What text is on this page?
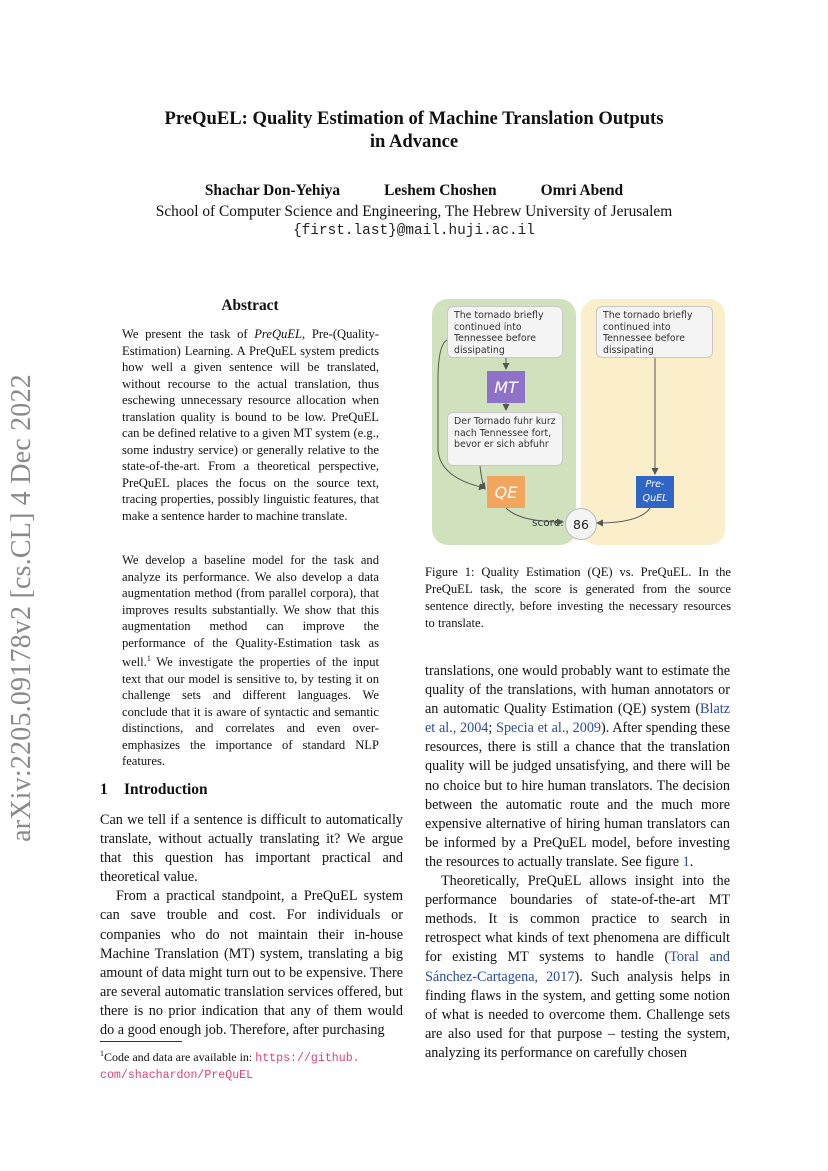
PreQuEL: Quality Estimation of Machine Translation Outputs
in Advance
Shachar Don-Yehiya	Leshem Choshen	Omri Abend
School of Computer Science and Engineering, The Hebrew University of Jerusalem
{first.last}@mail.huji.ac.il
arXiv:2205.09178v2 [cs.CL] 4 Dec 2022
Abstract
We present the task of PreQuEL, Pre-(Quality-Estimation) Learning. A PreQuEL system predicts how well a given sentence will be translated, without recourse to the actual translation, thus eschewing unnecessary resource allocation when translation quality is bound to be low. PreQuEL can be defined relative to a given MT system (e.g., some industry service) or generally relative to the state-of-the-art. From a theoretical perspective, PreQuEL places the focus on the source text, tracing properties, possibly linguistic features, that make a sentence harder to machine translate.
We develop a baseline model for the task and analyze its performance. We also develop a data augmentation method (from parallel corpora), that improves results substantially. We show that this augmentation method can improve the performance of the Quality-Estimation task as well.$^1$ We investigate the properties of the input text that our model is sensitive to, by testing it on challenge sets and different languages. We conclude that it is aware of syntactic and semantic distinctions, and correlates and even over-emphasizes the importance of standard NLP features.
1 Introduction

Can we tell if a sentence is difficult to automatically translate, without actually translating it? We argue that this question has important practical and theoretical value.

From a practical standpoint, a PreQuEL system can save trouble and cost. For individuals or companies who do not maintain their in-house Machine Translation (MT) system, translating a big amount of data might turn out to be expensive. There are several automatic translation services offered, but there is no prior indication that any of them would do a good enough job. Therefore, after purchasing

$^1$Code and data are available in: https://github.
com/shachardon/PreQuEL
The tornado briefly continued into Tennessee before dissipating
The tornado briefly continued into Tennessee before dissipating
MT
Der Tornado fuhr kurz nach Tennessee fort, bevor er sich abfuhr
QE	Pre-
QuEL
score: 86
Figure 1: Quality Estimation (QE) vs. PreQuEL. In the PreQuEL task, the score is generated from the source sentence directly, before investing the necessary resources to translate.

translations, one would probably want to estimate the quality of the translations, with human annotators or an automatic Quality Estimation (QE) system (Blatz et al., 2004; Specia et al., 2009). After spending these resources, there is still a chance that the translation quality will be judged unsatisfying, and there will be no choice but to hire human translators. The decision between the automatic route and the much more expensive alternative of hiring human translators can be informed by a PreQuEL model, before investing the resources to actually translate. See figure 1.

Theoretically, PreQuEL allows insight into the performance boundaries of state-of-the-art MT methods. It is common practice to search in retrospect what kinds of text phenomena are difficult for existing MT systems to handle (Toral and Sánchez-Cartagena, 2017). Such analysis helps in finding flaws in the system, and getting some notion of what is needed to overcome them. Challenge sets are also used for that purpose – testing the system, analyzing its performance on carefully chosen
